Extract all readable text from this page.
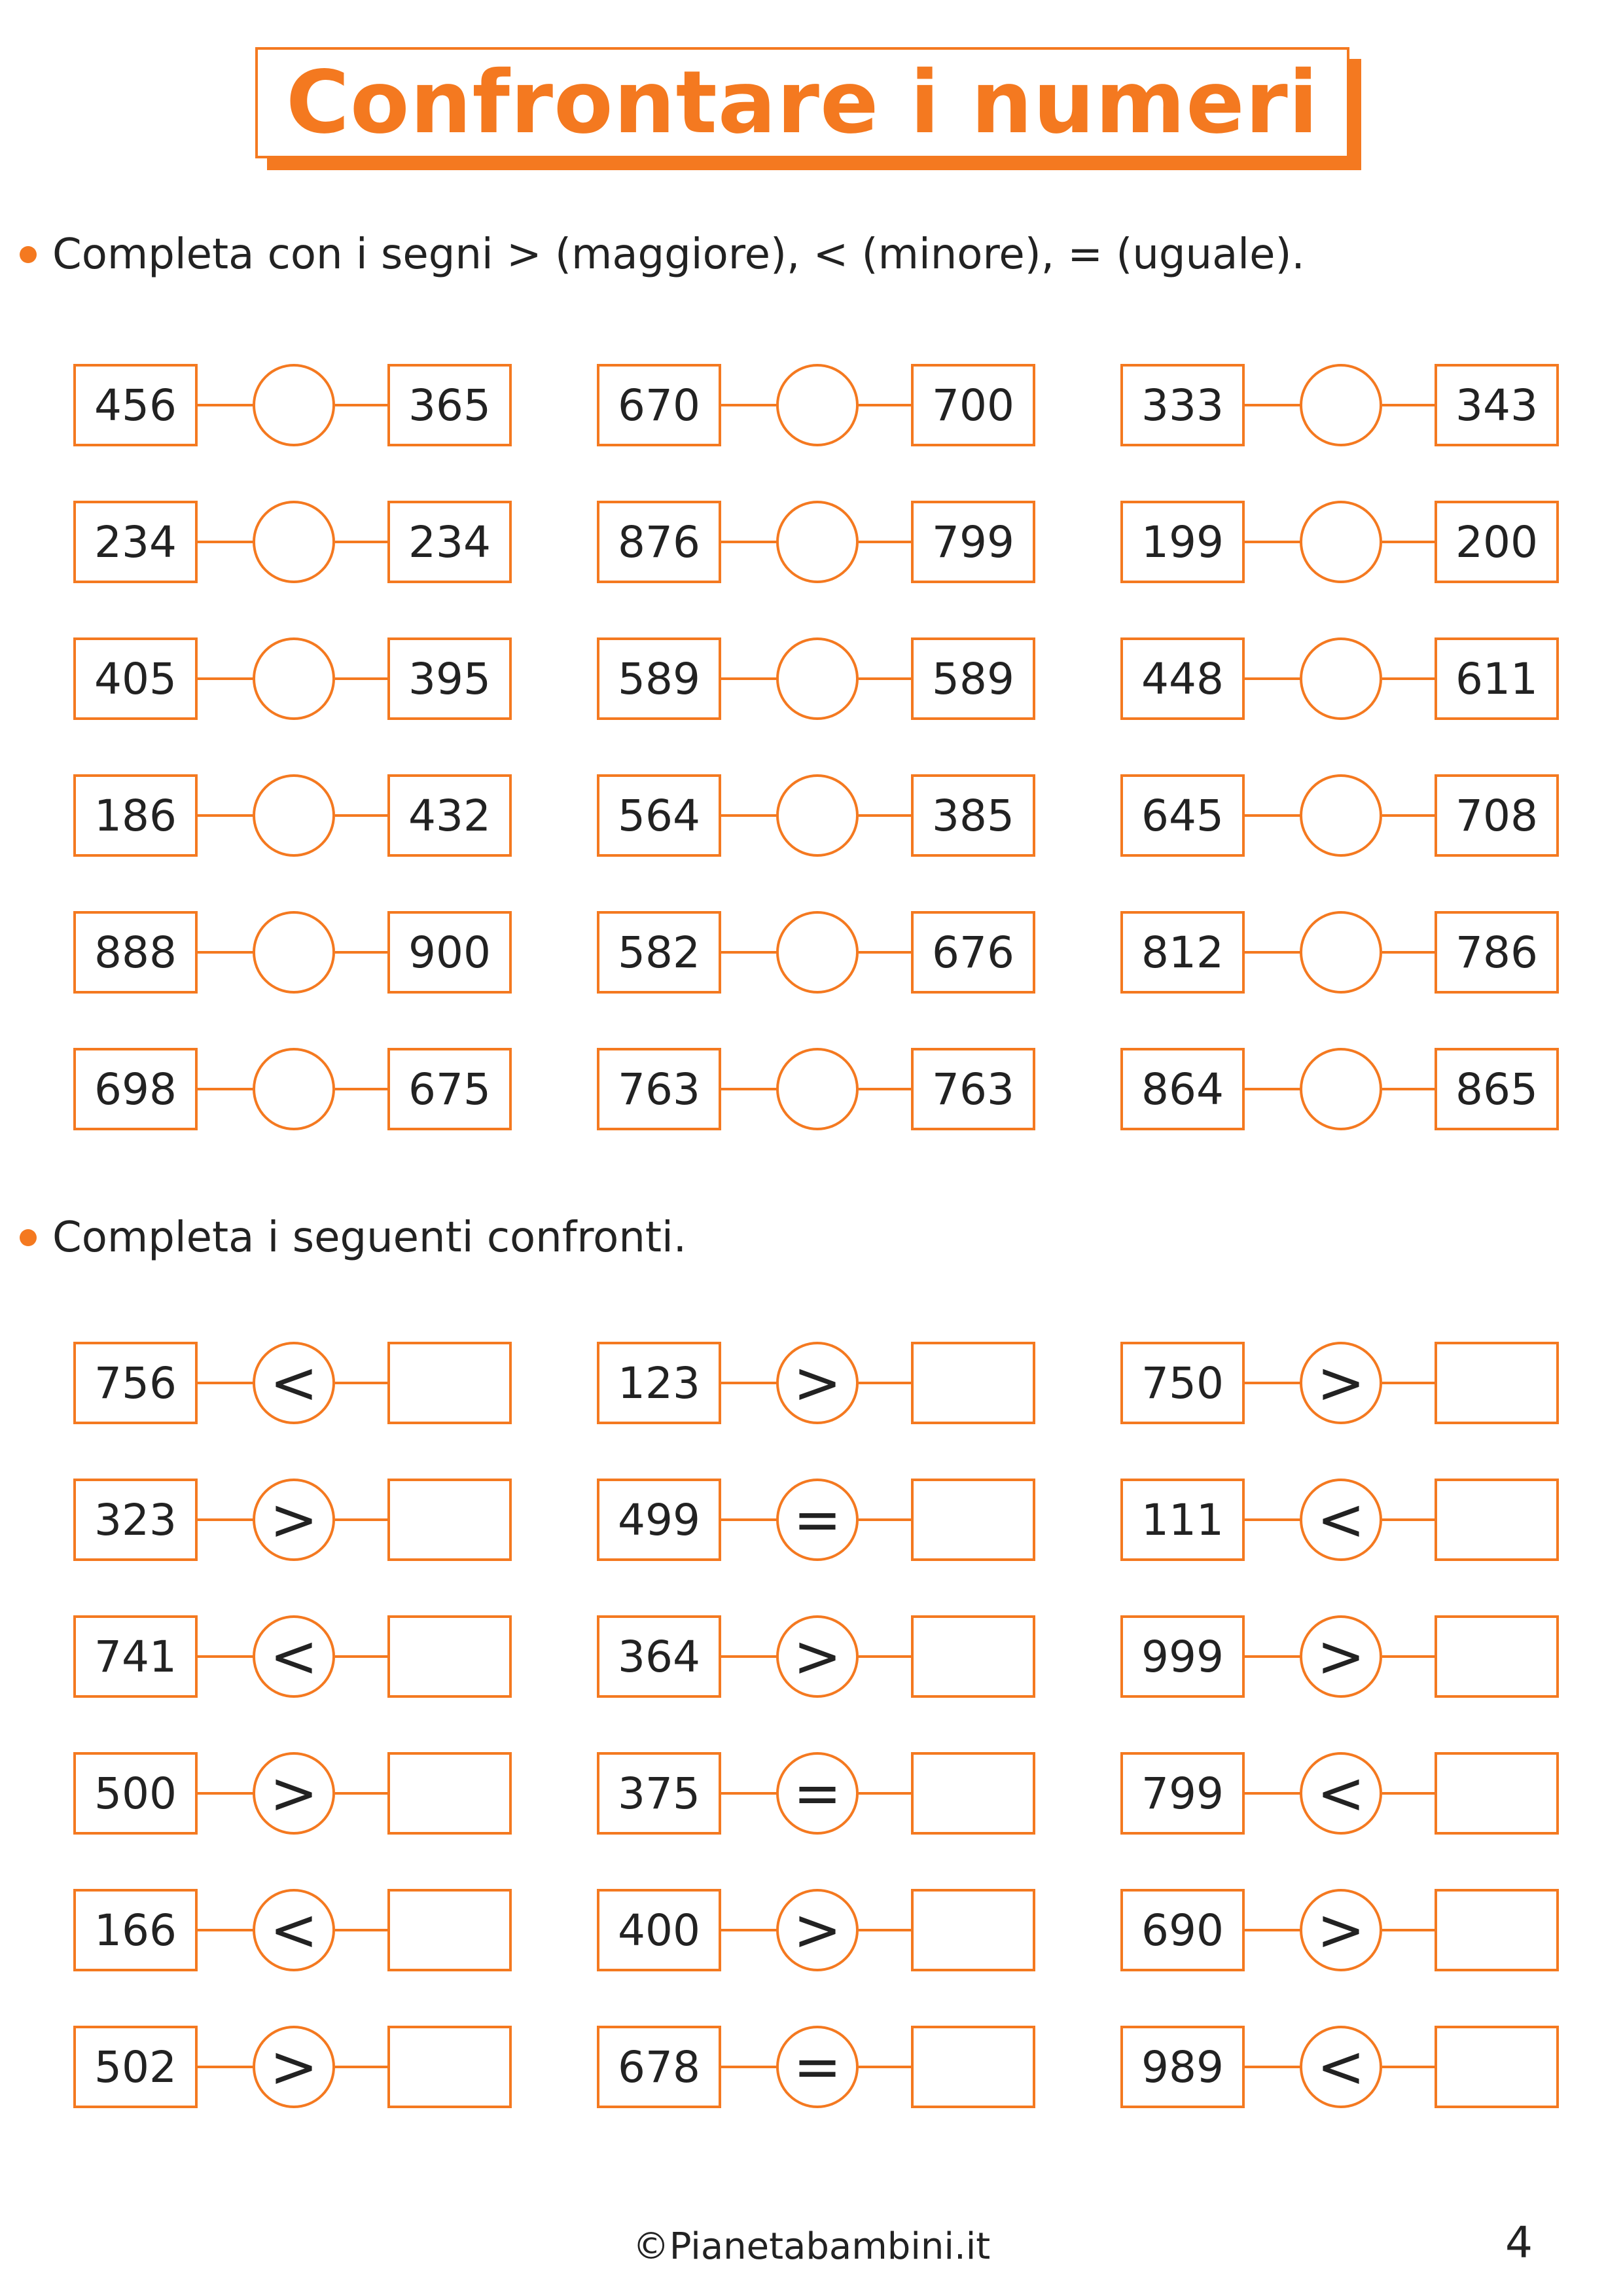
Confrontare i numeri
Completa con i segni > (maggiore), < (minore), = (uguale).
Completa i seguenti confronti.
456	365	670	700	333	343
234	234	876	799	199	200
405	395	589	589	448	611
186	432	564	385	645	708
888	900	582	676	812	786
698	675	763	763	864	865
756	<	123	>	750	>
323	>	499	=	111	<
741	<	364	>	999	>
500	>	375	=	799	<
166	<	400	>	690	>
502	>	678	=	989	<
©Pianetabambini.it	4
